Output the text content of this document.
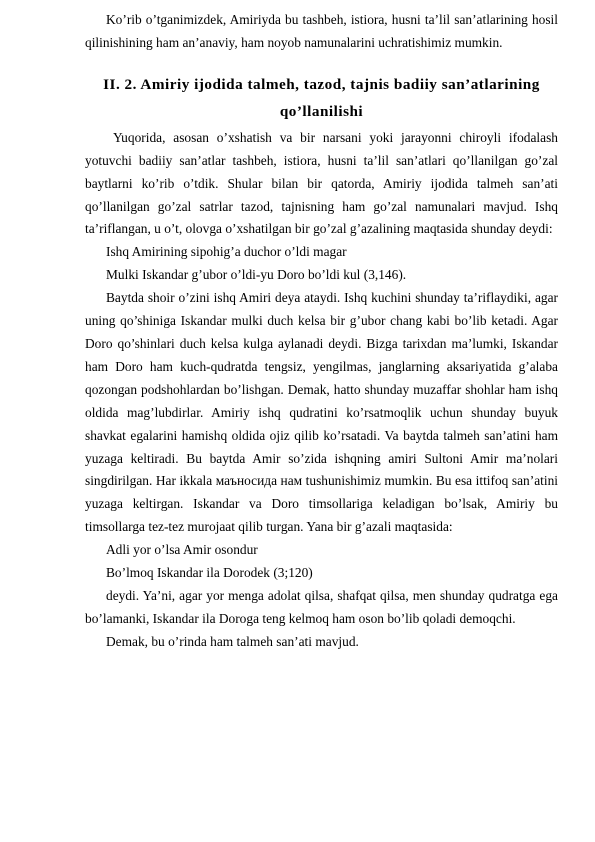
Ko’rib o’tganimizdek, Amiriyda bu tashbeh, istiora, husni ta’lil san’atlarining hosil qilinishining ham an’anaviy, ham noyob namunalarini uchratishimiz mumkin.

II. 2. Amiriy ijodida talmeh, tazod, tajnis badiiy san’atlarining
qo’llanilishi

Yuqorida, asosan o’xshatish va bir narsani yoki jarayonni chiroyli ifodalash yotuvchi badiiy san’atlar tashbeh, istiora, husni ta’lil san’atlari qo’llanilgan go’zal baytlarni ko’rib o’tdik. Shular bilan bir qatorda, Amiriy ijodida talmeh san’ati qo’llanilgan go’zal satrlar tazod, tajnisning ham go’zal namunalari mavjud. Ishq ta’riflangan, u o’t, olovga o’xshatilgan bir go’zal g’azalining maqtasida shunday deydi:

Ishq Amirining sipohig’a duchor o’ldi magar

Mulki Iskandar g’ubor o’ldi-yu Doro bo’ldi kul (3,146).

Baytda shoir o’zini ishq Amiri deya ataydi. Ishq kuchini shunday ta’riflaydiki, agar uning qo’shiniga Iskandar mulki duch kelsa bir g’ubor chang kabi bo’lib ketadi. Agar Doro qo’shinlari duch kelsa kulga aylanadi deydi. Bizga tarixdan ma’lumki, Iskandar ham Doro ham kuch-qudratda tengsiz, yengilmas, janglarning aksariyatida g’alaba qozongan podshohlardan bo’lishgan. Demak, hatto shunday muzaffar shohlar ham ishq oldida mag’lubdirlar. Amiriy ishq qudratini ko’rsatmoqlik uchun shunday buyuk shavkat egalarini hamishq oldida ojiz qilib ko’rsatadi. Va baytda talmeh san’atini ham yuzaga keltiradi. Bu baytda Amir so’zida ishqning amiri Sultoni Amir ma’nolari singdirilgan. Har ikkala маъносида нам tushunishimiz mumkin. Bu esa ittifoq san’atini yuzaga keltirgan. Iskandar va Doro timsollariga keladigan bo’lsak, Amiriy bu timsollarga tez-tez murojaat qilib turgan. Yana bir g’azali maqtasida:

Adli yor o’lsa Amir osondur

Bo’lmoq Iskandar ila Dorodek (3;120)

deydi. Ya’ni, agar yor menga adolat qilsa, shafqat qilsa, men shunday qudratga ega bo’lamanki, Iskandar ila Doroga teng kelmoq ham oson bo’lib qoladi demoqchi.

Demak, bu o’rinda ham talmeh san’ati mavjud.
